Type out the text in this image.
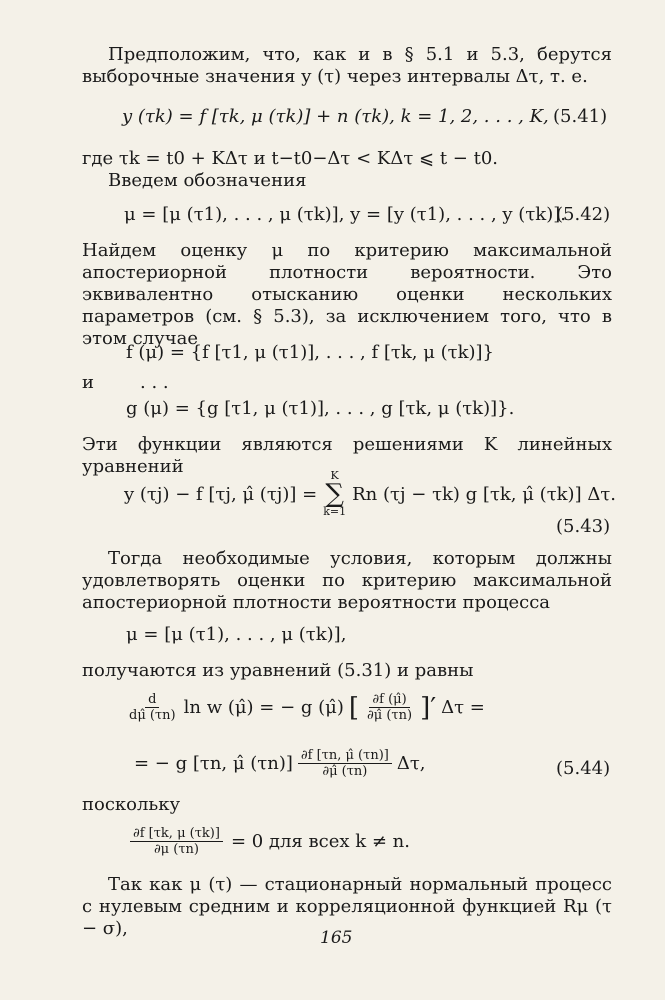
Предположим, что, как и в § 5.1 и 5.3, берутся выборочные значения y (τ) через интервалы Δτ, т. е.

y (τk) = f [τk, μ (τk)] + n (τk), k = 1, 2, . . . , K, (5.41)

где τk = t0 + KΔτ и t−t0−Δτ < KΔτ ⩽ t − t0.

Введем обозначения

μ = [μ (τ1), . . . , μ (τk)], y = [y (τ1), . . . , y (τk)].
(5.42)

Найдем оценку μ по критерию максимальной апостериорной плотности вероятности. Это эквивалентно отысканию оценки нескольких параметров (см. § 5.3), за исключением того, что в этом случае

f (μ) = {f [τ1, μ (τ1)], . . . , f [τk, μ (τk)]}
и	. . .
g (μ) = {g [τ1, μ (τ1)], . . . , g [τk, μ (τk)]}.

Эти функции являются решениями K линейных уравнений

y (τj) − f [τj, μ̂ (τj)] =
K
∑
k=1
Rn (τj − τk) g [τk, μ̂ (τk)] Δτ.
(5.43)

Тогда необходимые условия, которым должны удовлетворять оценки по критерию максимальной апостериорной плотности вероятности процесса

μ = [μ (τ1), . . . , μ (τk)],

получаются из уравнений (5.31) и равны

$\frac{d}{d\mû (\tau n)}$ ln w (μ̂) = − g (μ̂) [ $\frac{\partial f (\mû)}{\partial\mû (\tau n)}$ ]′ Δτ =
= − g [τn, μ̂ $(\tau n)] \frac{\partial f [\tau n, \mû (\tau n)]}{\partial\mû (\tau n)} \Delta\tau$,	(5.44)

поскольку

$\frac{\partial f [\tau k, \mu (\tau k)]}{\partial\mu (\tau n)} = 0$ для всех k ≠ n.

Так как μ (τ) — стационарный нормальный процесс с нулевым средним и корреляционной функцией Rμ (τ − σ),	165
